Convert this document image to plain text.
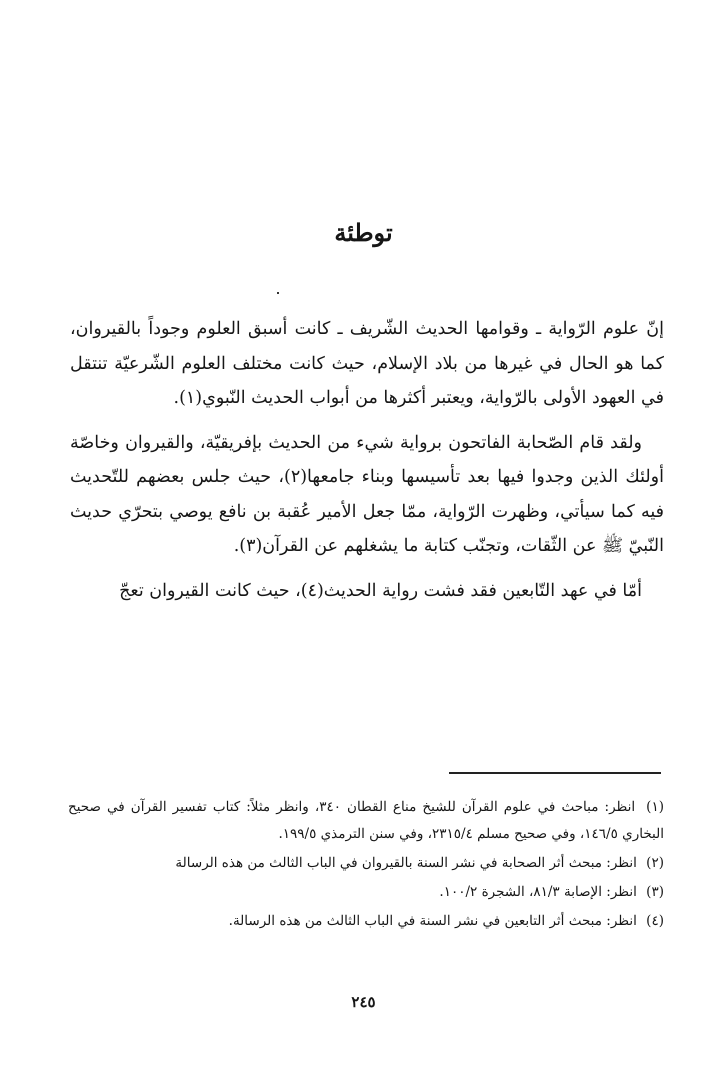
توطئة

إنّ علوم الرّواية ـ وقوامها الحديث الشّريف ـ كانت أسبق العلوم وجوداً بالقيروان، كما هو الحال في غيرها من بلاد الإسلام، حيث كانت مختلف العلوم الشّرعيّة تنتقل في العهود الأولى بالرّواية، ويعتبر أكثرها من أبواب الحديث النّبوي(١).

ولقد قام الصّحابة الفاتحون برواية شيء من الحديث بإفريقيّة، والقيروان وخاصّة أولئك الذين وجدوا فيها بعد تأسيسها وبناء جامعها(٢)، حيث جلس بعضهم للتّحديث فيه كما سيأتي، وظهرت الرّواية، ممّا جعل الأمير عُقبة بن نافع يوصي بتحرّي حديث النّبيّ ﷺ عن الثّقات، وتجنّب كتابة ما يشغلهم عن القرآن(٣).

أمّا في عهد التّابعين فقد فشت رواية الحديث(٤)، حيث كانت القيروان تعجّ

(١) انظر: مباحث في علوم القرآن للشيخ مناع القطان ٣٤٠، وانظر مثلاً: كتاب تفسير القرآن في صحيح البخاري ١٤٦/٥، وفي صحيح مسلم ٢٣١٥/٤، وفي سنن الترمذي ١٩٩/٥.
(٢) انظر: مبحث أثر الصحابة في نشر السنة بالقيروان في الباب الثالث من هذه الرسالة
(٣) انظر: الإصابة ٨١/٣، الشجرة ١٠٠/٢.
(٤) انظر: مبحث أثر التابعين في نشر السنة في الباب الثالث من هذه الرسالة.
٢٤٥
